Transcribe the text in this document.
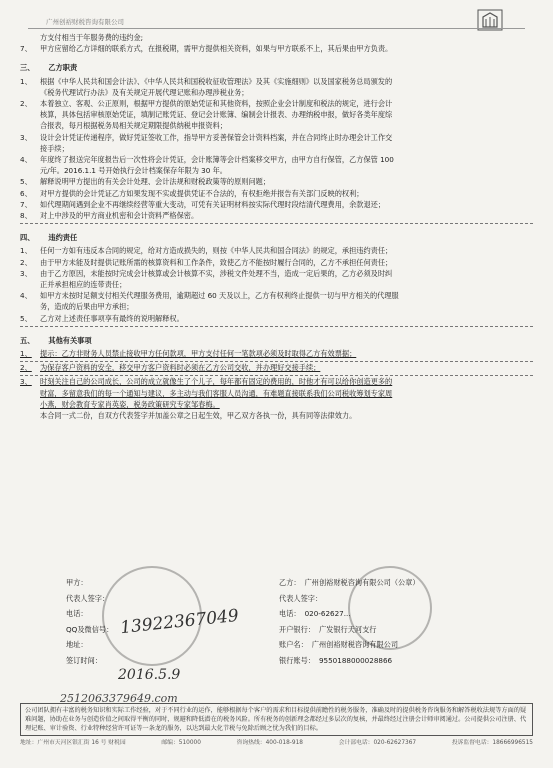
广州创裕财税咨询有限公司
方支付相当于年服务费的违约金;
7、	甲方应留给乙方详细的联系方式，在报税期，需甲方提供相关资料，如果与甲方联系不上，其后果由甲方负责。
三、 乙方职责
1、	根据《中华人民共和国会计法》、《中华人民共和国税收征收管理法》及其《实施细则》以及国家税务总局颁发的
《税务代理试行办法》及有关规定开展代理记账和办理涉税业务；
2、	本着独立、客观、公正原则，根据甲方提供的原始凭证和其他资料，按照企业会计制度和税法的规定，进行会计
核算，具体包括审核原始凭证，填制记账凭证、登记会计账簿、编制会计报表、办理纳税申报，做好各类年度综
合报表，每月根据税务局相关规定期限提供纳税申报资料；
3、	设计会计凭证传递程序，做好凭证签收工作，指导甲方妥善保管会计资料档案，并在合同终止时办理会计工作交
接手续；
4、	年度终了报送完年度报告后一次性将会计凭证，会计账簿等会计档案移交甲方，由甲方自行保管，乙方保管 100
元/年。2016.1.1 号开始执行会计档案保存年限为 30 年。
5、	解释说明甲方提出的有关会计处理、会计法规和财税政策等的原则问题；
6、	对甲方提供的会计凭证乙方如果发现不实或提供凭证不合法的，有权拒绝并报告有关部门反映的权利；
7、	如代理期间遇到企业不再继续经营等重大变动，可凭有关证明材料按实际代理时段结清代理费用，余款退还；
8、	对上中涉及的甲方商业机密和会计资料严格保密。
四、 违约责任
1、	任何一方如有违反本合同的规定，给对方造成损失的，则按《中华人民共和国合同法》的规定，承担违约责任；
2、	由于甲方未能及时提供记账所需的核算资料和工作条件，致使乙方不能按时履行合同的，乙方不承担任何责任；
3、	由于乙方原因，未能按时完成会计核算或会计核算不实，涉税文件处理不当，造成一定后果的，乙方必须及时纠
正并承担相应的连带责任；
4、	如甲方未按时足额支付相关代理服务费用，逾期超过 60 天及以上，乙方有权利终止提供一切与甲方相关的代理服
务，造成的后果由甲方承担；
5、	乙方对上述责任事项享有最终的说明解释权。
五、 其他有关事项
1、	提示：乙方非财务人员禁止接收甲方任何款项，甲方支付任何一笔款项必须及时取得乙方有效票据；
2、	为保存客户资料的安全，移交甲方客户资料时必须在乙方公司交收，并办理好交接手续；
3、	时刻关注自己的公司成长，公司的成立就像生了个儿子，每年都有固定的费用的，时他才有可以给你创造更多的
财富，多留意我们的每一个通知与建议，多主动与我们客服人员沟通，有难题直接联系我们公司税收筹划专家周
小燕，财会教育专家肖英姿，税务政策研究专家邹春梅。
本合同一式二份，自双方代表签字并加盖公章之日起生效，甲乙双方各执一份，具有同等法律效力。
甲方：
代表人签字：
电话：
QQ及微信号：
地址：
签订时间：
13922367049
2016.5.9
2512063379649.com
乙方： 广州创裕财税咨询有限公司（公章）
代表人签字：
电话： 020-62627...
开户银行： 广发银行天河支行
账户名： 广州创裕财税咨询有限公司
银行账号： 9550188000028866
公司团队拥有丰富的税务知识和实际工作经验，对于不同行业的运作，能够根据每个客户的需求和目标提供前瞻性的税务服务，准确及时的提供税务咨询服务和解答税收法规等方面的疑难问题，协助在业务与创造价值之间取得平衡的同时，规避和降低潜在的税务风险。所有税务的创新理念都经过多层次的复核，并最终经过注册会计师审阅通过。公司提供公司注册、代理记账、审计验资、行业特种经营许可证等一条龙的服务，以达到最大化节税与免除后顾之忧为我们的目标。
地址：广州市天河区银汇街 16 号 财税园	邮编：510000	咨询热线：400-018-918	会计部电话：020-62627367	投诉监督电话：18666996515
